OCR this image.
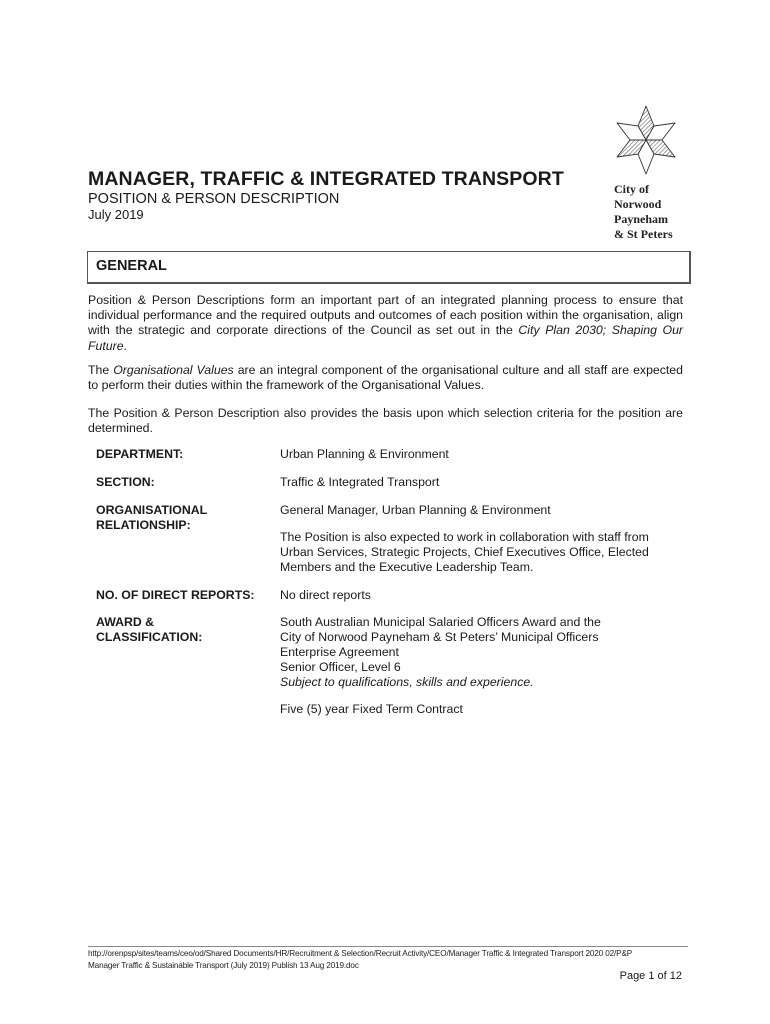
City of
Norwood
Payneham
& St Peters
MANAGER, TRAFFIC & INTEGRATED TRANSPORT
POSITION & PERSON DESCRIPTION
July 2019
GENERAL

Position & Person Descriptions form an important part of an integrated planning process to ensure that individual performance and the required outputs and outcomes of each position within the organisation, align with the strategic and corporate directions of the Council as set out in the City Plan 2030; Shaping Our Future.

The Organisational Values are an integral component of the organisational culture and all staff are expected to perform their duties within the framework of the Organisational Values.

The Position & Person Description also provides the basis upon which selection criteria for the position are determined.

DEPARTMENT:	Urban Planning & Environment
SECTION:	Traffic & Integrated Transport
ORGANISATIONAL
RELATIONSHIP:
General Manager, Urban Planning & Environment
The Position is also expected to work in collaboration with staff from Urban Services, Strategic Projects, Chief Executives Office, Elected Members and the Executive Leadership Team.
NO. OF DIRECT REPORTS:	No direct reports
AWARD &
CLASSIFICATION:
South Australian Municipal Salaried Officers Award and the
City of Norwood Payneham & St Peters’ Municipal Officers
Enterprise Agreement
Senior Officer, Level 6
Subject to qualifications, skills and experience.
Five (5) year Fixed Term Contract
http://orenpsp/sites/teams/ceo/od/Shared Documents/HR/Recruitment & Selection/Recruit Activity/CEO/Manager Traffic & Integrated Transport 2020 02/P&P
Manager Traffic & Sustainable Transport (July 2019) Publish 13 Aug 2019.doc
Page 1 of 12
